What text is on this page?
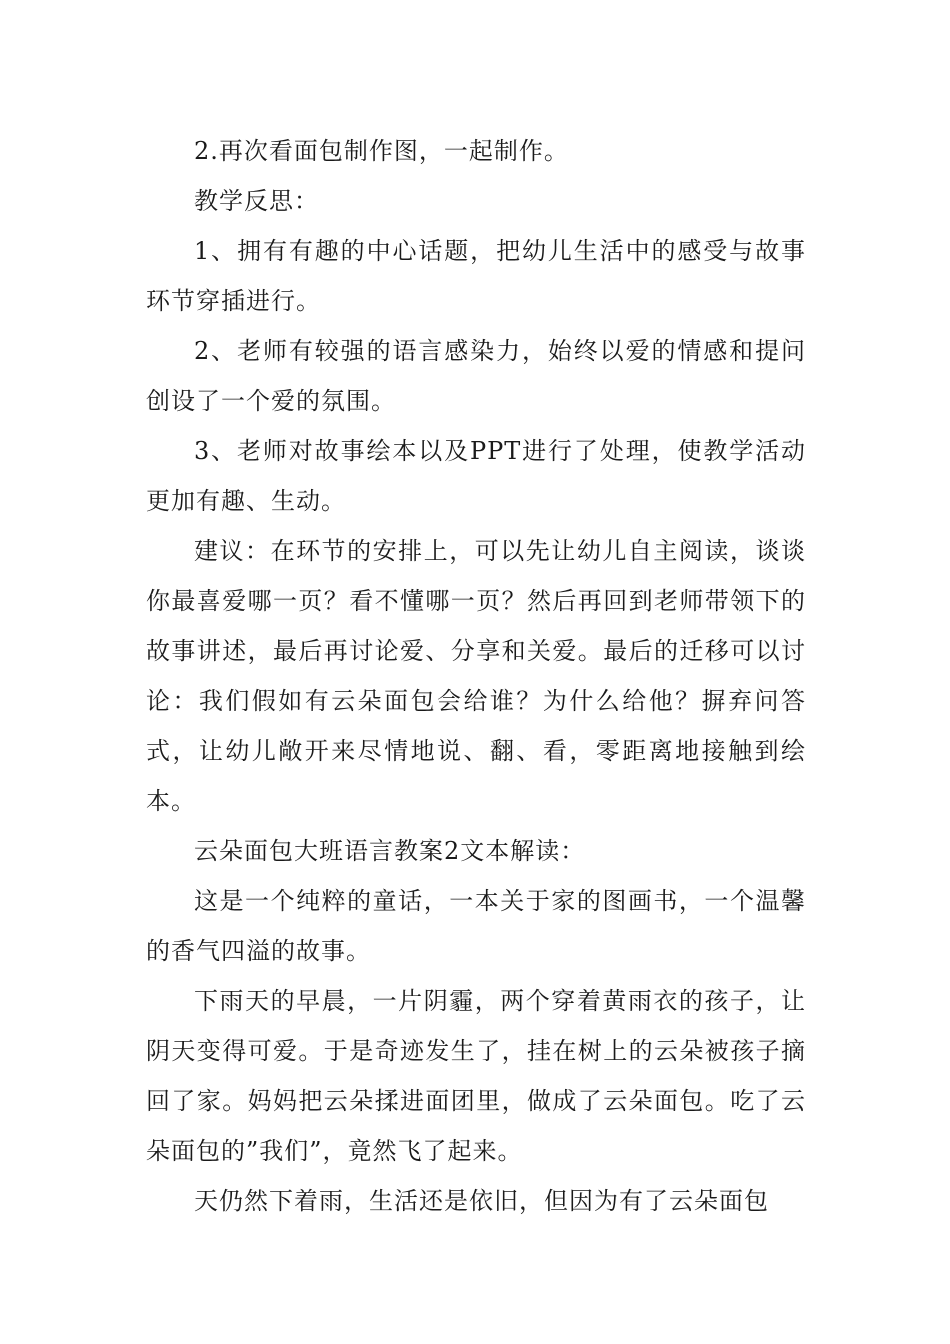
2.再次看面包制作图，一起制作。

教学反思：

1、拥有有趣的中心话题，把幼儿生活中的感受与故事环节穿插进行。

2、老师有较强的语言感染力，始终以爱的情感和提问创设了一个爱的氛围。

3、老师对故事绘本以及PPT进行了处理，使教学活动更加有趣、生动。

建议：在环节的安排上，可以先让幼儿自主阅读，谈谈你最喜爱哪一页？看不懂哪一页？然后再回到老师带领下的故事讲述，最后再讨论爱、分享和关爱。最后的迁移可以讨论：我们假如有云朵面包会给谁？为什么给他？摒弃问答式，让幼儿敞开来尽情地说、翻、看，零距离地接触到绘本。

云朵面包大班语言教案2文本解读：

这是一个纯粹的童话，一本关于家的图画书，一个温馨的香气四溢的故事。

下雨天的早晨，一片阴霾，两个穿着黄雨衣的孩子，让阴天变得可爱。于是奇迹发生了，挂在树上的云朵被孩子摘回了家。妈妈把云朵揉进面团里，做成了云朵面包。吃了云朵面包的”我们”，竟然飞了起来。

天仍然下着雨，生活还是依旧，但因为有了云朵面包
